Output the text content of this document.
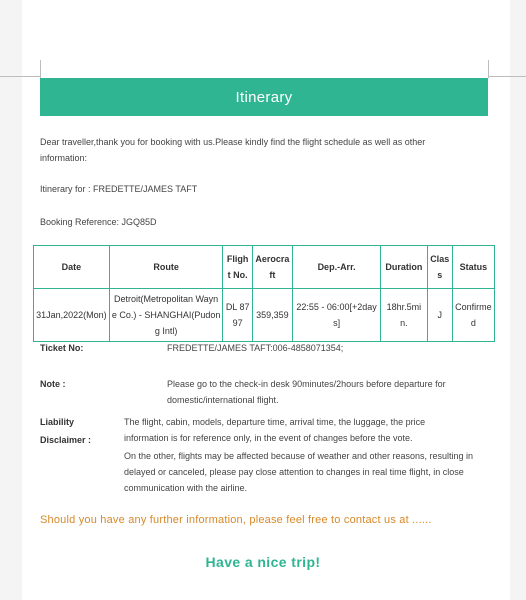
Itinerary
Dear traveller,thank you for booking with us.Please kindly find the flight schedule as well as other information:
Itinerary for : FREDETTE/JAMES TAFT
Booking Reference: JGQ85D
Date	Route	Flight No.	Aerocraft	Dep.-Arr.	Duration	Class	Status
31Jan,2022(Mon)	Detroit(Metropolitan Wayne Co.) - SHANGHAI(Pudong Intl)	DL 8797	359,359	22:55 - 06:00[+2days]	18hr.5min.	J	Confirmed
Ticket No:	FREDETTE/JAMES TAFT:006-4858071354;
Note :	Please go to the check-in desk 90minutes/2hours before departure for domestic/international flight.
Liability
Disclaimer :
The flight, cabin, models, departure time, arrival time, the luggage, the price information is for reference only, in the event of changes before the vote.
On the other, flights may be affected because of weather and other reasons, resulting in delayed or canceled, please pay close attention to changes in real time flight, in close communication with the airline.
Should you have any further information, please feel free to contact us at ......
Have a nice trip!
